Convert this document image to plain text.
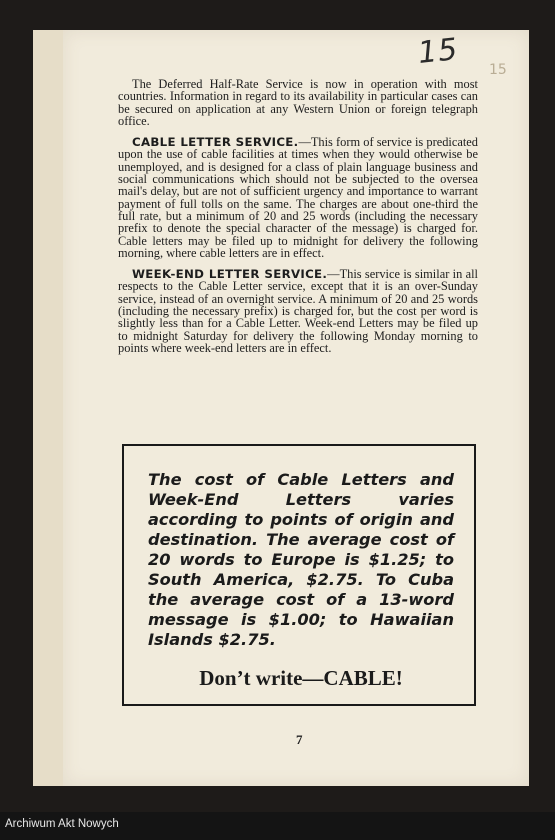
15
15

The Deferred Half-Rate Service is now in operation with most countries. Information in regard to its availability in particular cases can be secured on application at any Western Union or foreign telegraph office.

CABLE LETTER SERVICE.—This form of service is predicated upon the use of cable facilities at times when they would otherwise be unemployed, and is designed for a class of plain language business and social communications which should not be subjected to the oversea mail's delay, but are not of sufficient urgency and importance to warrant payment of full tolls on the same. The charges are about one-third the full rate, but a minimum of 20 and 25 words (including the necessary prefix to denote the special character of the message) is charged for. Cable letters may be filed up to midnight for delivery the following morning, where cable letters are in effect.

WEEK-END LETTER SERVICE.—This service is similar in all respects to the Cable Letter service, except that it is an over-Sunday service, instead of an overnight service. A minimum of 20 and 25 words (including the necessary prefix) is charged for, but the cost per word is slightly less than for a Cable Letter. Week-end Letters may be filed up to midnight Saturday for delivery the following Monday morning to points where week-end letters are in effect.

The cost of Cable Letters and Week-End Letters varies according to points of origin and destination. The average cost of 20 words to Europe is $1.25; to South America, $2.75. To Cuba the average cost of a 13-word message is $1.00; to Hawaiian Islands $2.75.

Don’t write—CABLE!
7
Archiwum Akt Nowych
